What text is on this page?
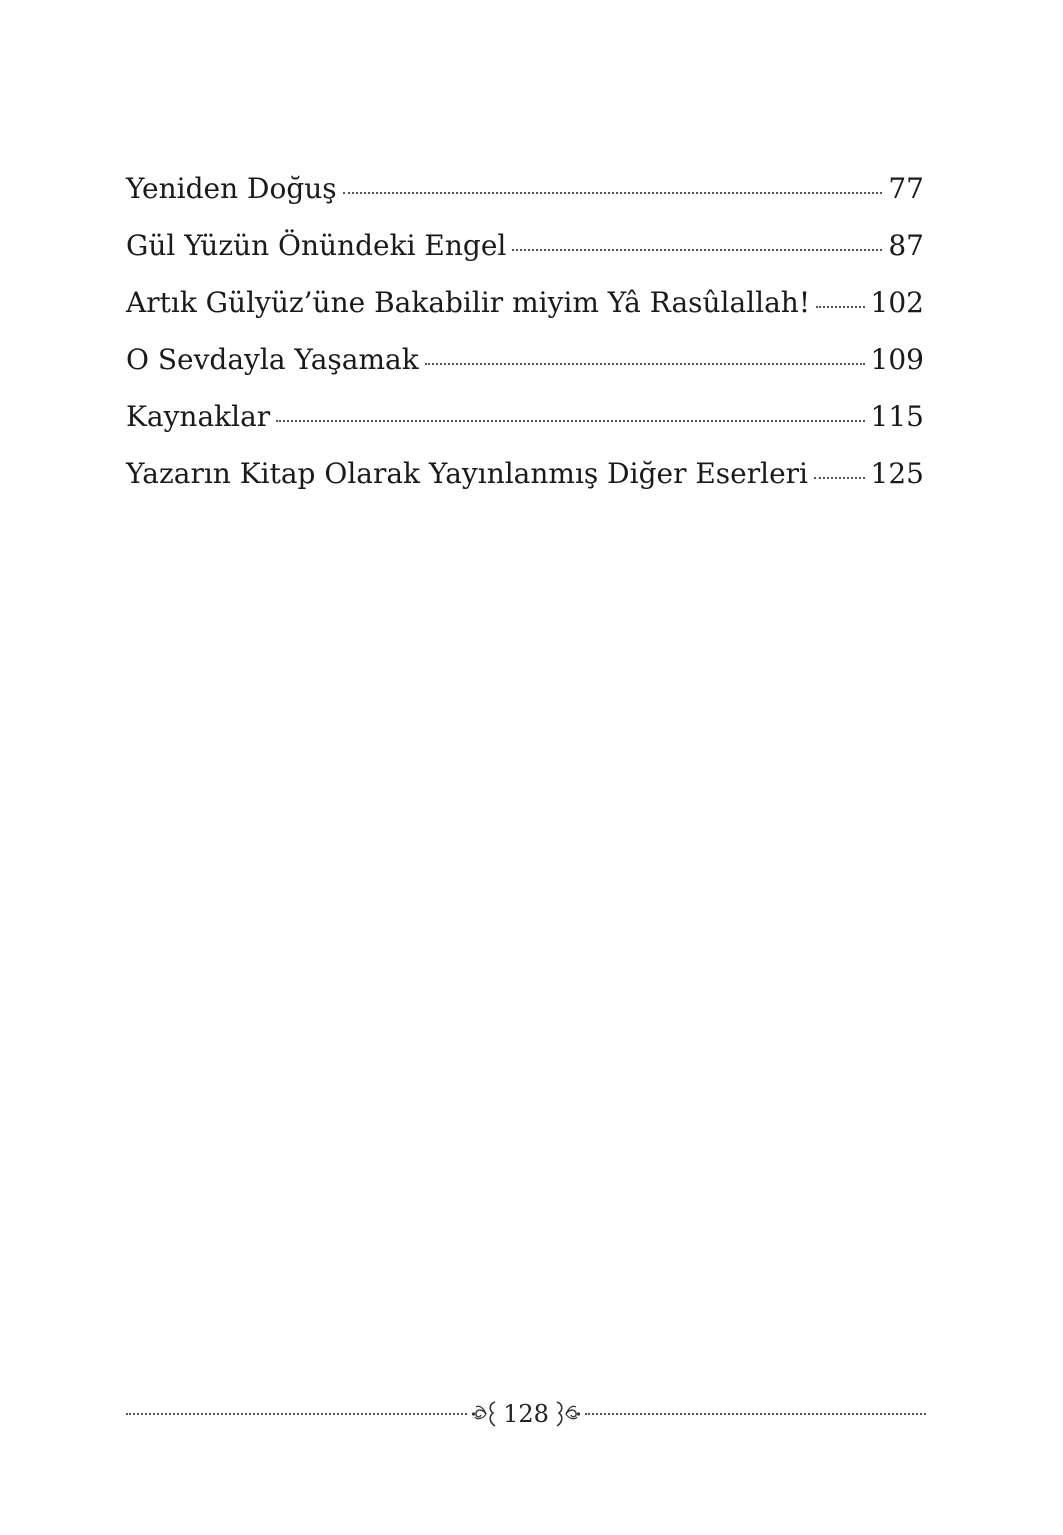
Yeniden Doğuş	77
Gül Yüzün Önündeki Engel	87
Artık Gülyüz’üne Bakabilir miyim Yâ Rasûlallah! 102
O Sevdayla Yaşamak	109
Kaynaklar	115
Yazarın Kitap Olarak Yayınlanmış Diğer Eserleri 125
128
